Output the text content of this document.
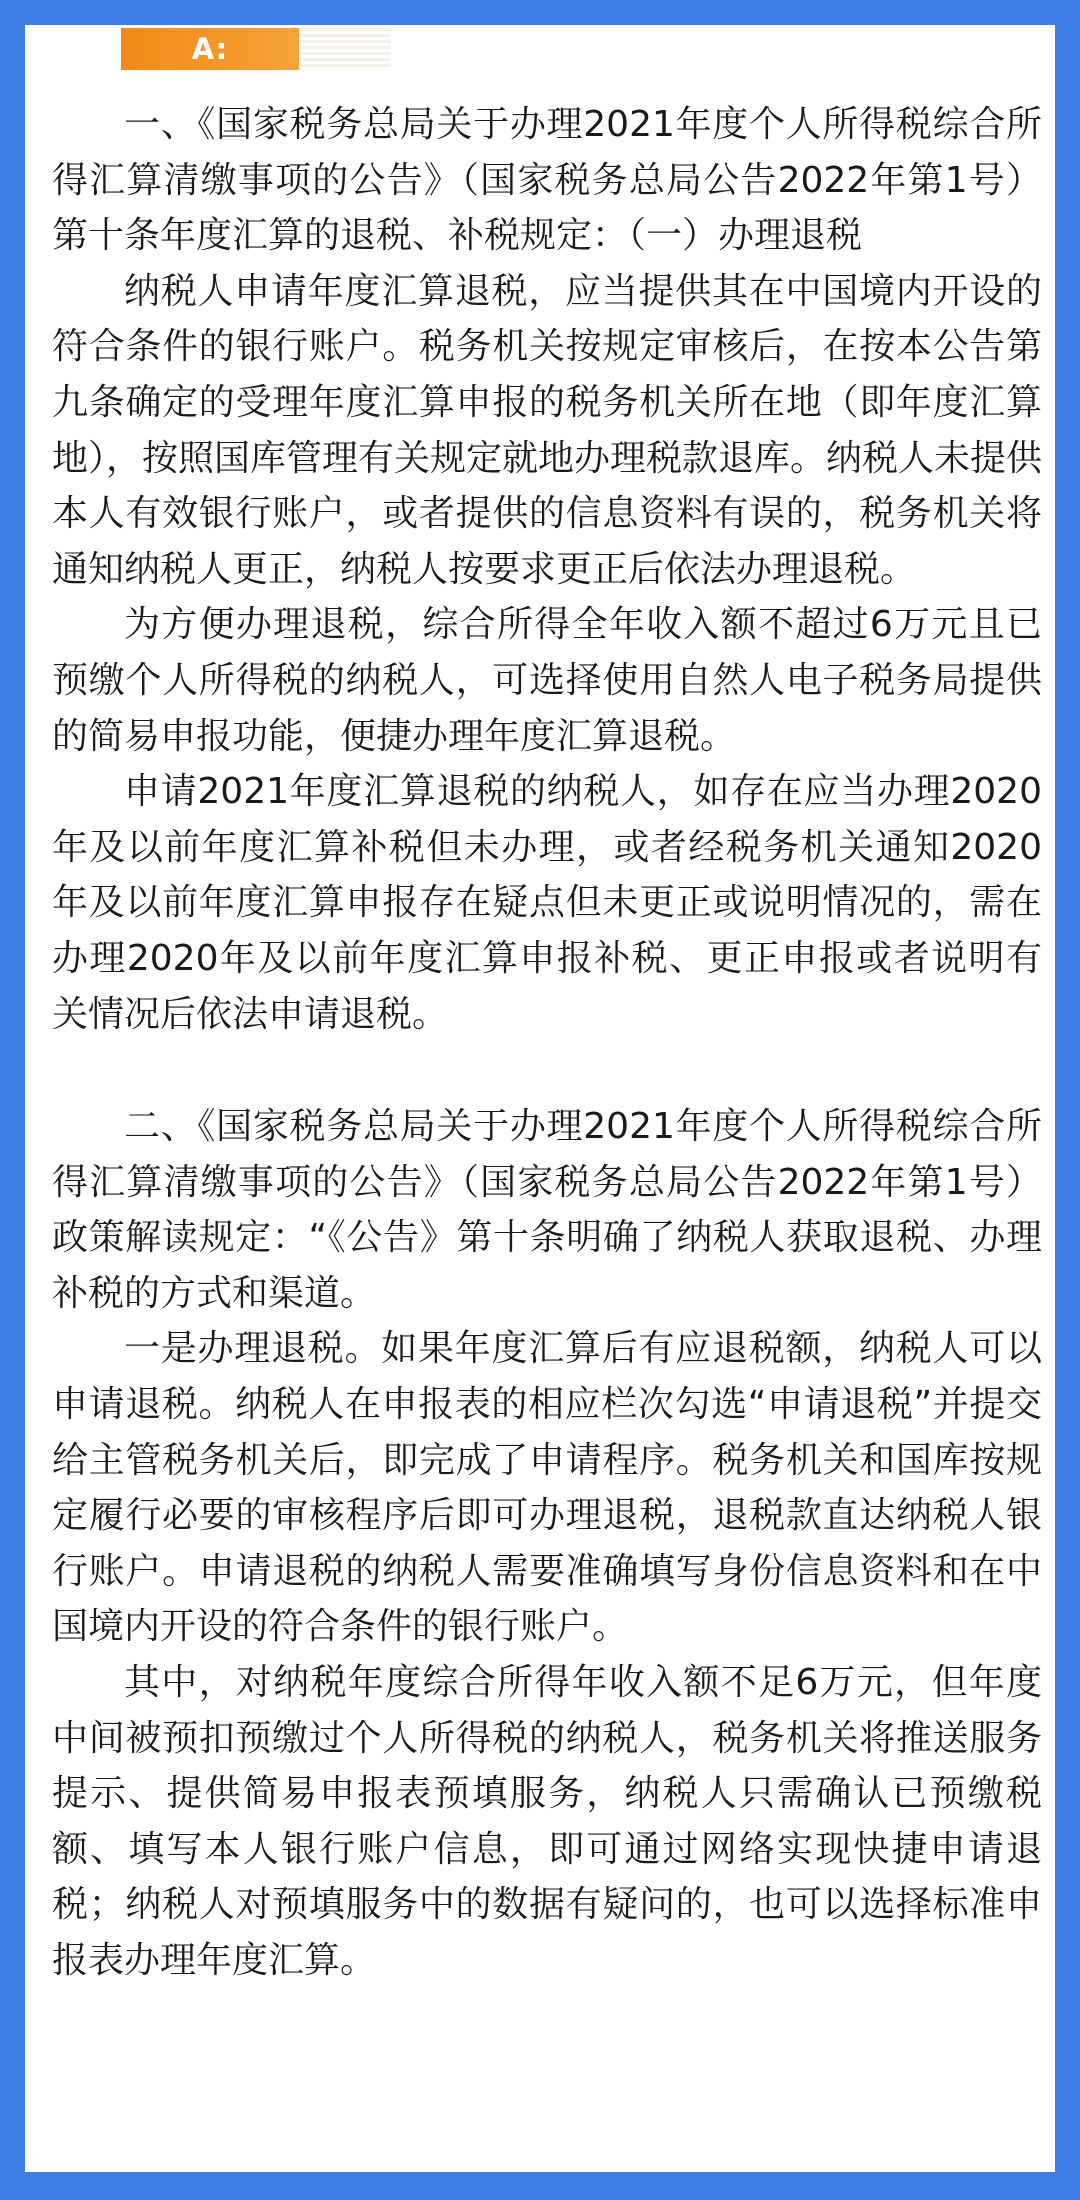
A:

一、《国家税务总局关于办理2021年度个人所得税综合所得汇算清缴事项的公告》（国家税务总局公告2022年第1号）第十条年度汇算的退税、补税规定：（一）办理退税

纳税人申请年度汇算退税，应当提供其在中国境内开设的符合条件的银行账户。税务机关按规定审核后，在按本公告第九条确定的受理年度汇算申报的税务机关所在地（即年度汇算地），按照国库管理有关规定就地办理税款退库。纳税人未提供本人有效银行账户，或者提供的信息资料有误的，税务机关将通知纳税人更正，纳税人按要求更正后依法办理退税。

为方便办理退税，综合所得全年收入额不超过6万元且已预缴个人所得税的纳税人，可选择使用自然人电子税务局提供的简易申报功能，便捷办理年度汇算退税。

申请2021年度汇算退税的纳税人，如存在应当办理2020年及以前年度汇算补税但未办理，或者经税务机关通知2020年及以前年度汇算申报存在疑点但未更正或说明情况的，需在办理2020年及以前年度汇算申报补税、更正申报或者说明有关情况后依法申请退税。

二、《国家税务总局关于办理2021年度个人所得税综合所得汇算清缴事项的公告》（国家税务总局公告2022年第1号）政策解读规定：“《公告》第十条明确了纳税人获取退税、办理补税的方式和渠道。

一是办理退税。如果年度汇算后有应退税额，纳税人可以申请退税。纳税人在申报表的相应栏次勾选“申请退税”并提交给主管税务机关后，即完成了申请程序。税务机关和国库按规定履行必要的审核程序后即可办理退税，退税款直达纳税人银行账户。申请退税的纳税人需要准确填写身份信息资料和在中国境内开设的符合条件的银行账户。

其中，对纳税年度综合所得年收入额不足6万元，但年度中间被预扣预缴过个人所得税的纳税人，税务机关将推送服务提示、提供简易申报表预填服务，纳税人只需确认已预缴税额、填写本人银行账户信息，即可通过网络实现快捷申请退税；纳税人对预填服务中的数据有疑问的，也可以选择标准申报表办理年度汇算。
